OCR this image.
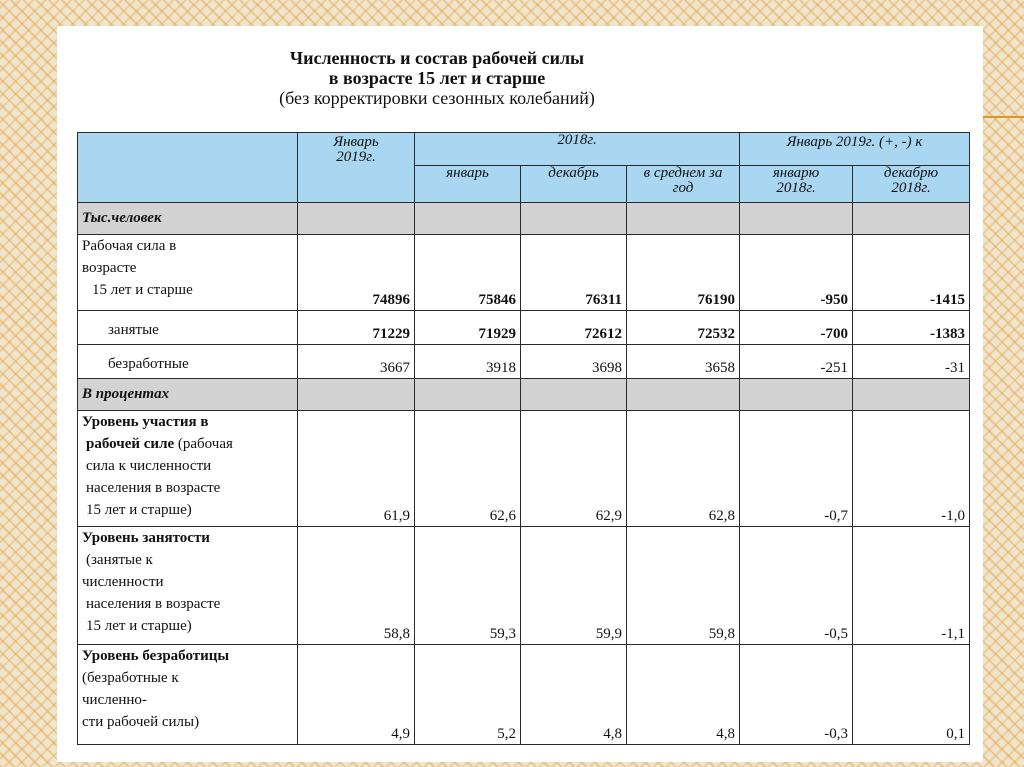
Численность и состав рабочей силы
в возрасте 15 лет и старше
(без корректировки сезонных колебаний)

	Январь 2019г.	2018г.			Январь 2019г. (+, -) к	

		январь	декабрь	в среднем за год	январю 2018г.	декабрю 2018г.

Тыс.человек						

Рабочая сила в
возрасте
15 лет и старше	74896	75846	76311	76190	-950	-1415

занятые	71229	71929	72612	72532	-700	-1383

безработные	3667	3918	3698	3658	-251	-31
В процентах						

Уровень участия в
рабочей силе (рабочая
сила к численности
населения в возрасте
15 лет и старше)	61,9	62,6	62,9	62,8	-0,7	-1,0

Уровень занятости
(занятые к
численности
населения в возрасте
15 лет и старше)	58,8	59,3	59,9	59,8	-0,5	-1,1

Уровень безработицы
(безработные к
численно-
сти рабочей силы)	4,9	5,2	4,8	4,8	-0,3	0,1
